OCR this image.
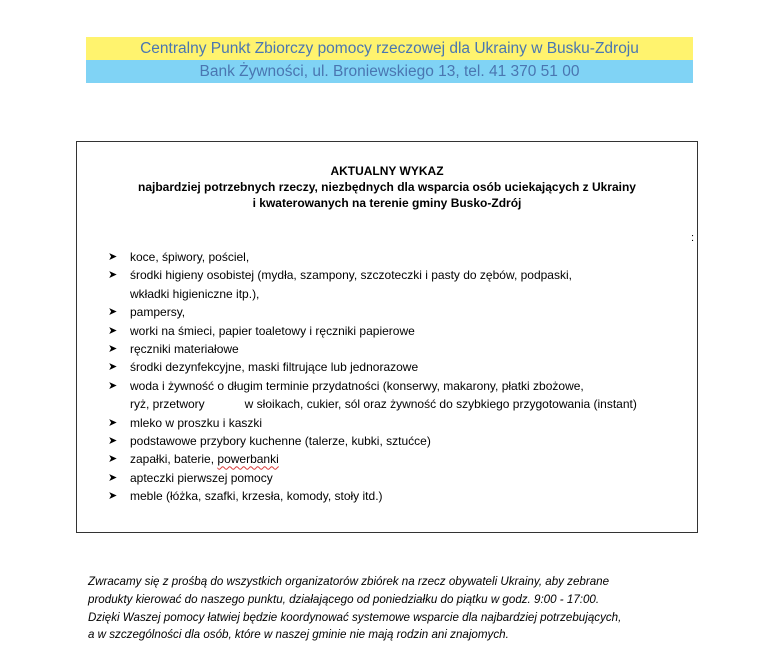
Centralny Punkt Zbiorczy pomocy rzeczowej dla Ukrainy w Busku-Zdroju
Bank Żywności, ul. Broniewskiego 13, tel. 41 370 51 00
AKTUALNY WYKAZ
najbardziej potrzebnych rzeczy, niezbędnych dla wsparcia osób uciekających z Ukrainy
i kwaterowanych na terenie gminy Busko-Zdrój
:
➤ koce, śpiwory, pościel,
➤ środki higieny osobistej (mydła, szampony, szczoteczki i pasty do zębów, podpaski,
wkładki higieniczne itp.),
➤ pampersy,
➤ worki na śmieci, papier toaletowy i ręczniki papierowe
➤ ręczniki materiałowe
➤ środki dezynfekcyjne, maski filtrujące lub jednorazowe
➤ woda i żywność o długim terminie przydatności (konserwy, makarony, płatki zbożowe,
ryż, przetwory            w słoikach, cukier, sól oraz żywność do szybkiego przygotowania (instant)
➤ mleko w proszku i kaszki
➤ podstawowe przybory kuchenne (talerze, kubki, sztućce)
➤ zapałki, baterie, powerbanki
➤ apteczki pierwszej pomocy
➤ meble (łóżka, szafki, krzesła, komody, stoły itd.)
Zwracamy się z prośbą do wszystkich organizatorów zbiórek na rzecz obywateli Ukrainy, aby zebrane
produkty kierować do naszego punktu, działającego od poniedziałku do piątku w godz. 9:00 - 17:00.
Dzięki Waszej pomocy łatwiej będzie koordynować systemowe wsparcie dla najbardziej potrzebujących,
a w szczególności dla osób, które w naszej gminie nie mają rodzin ani znajomych.
